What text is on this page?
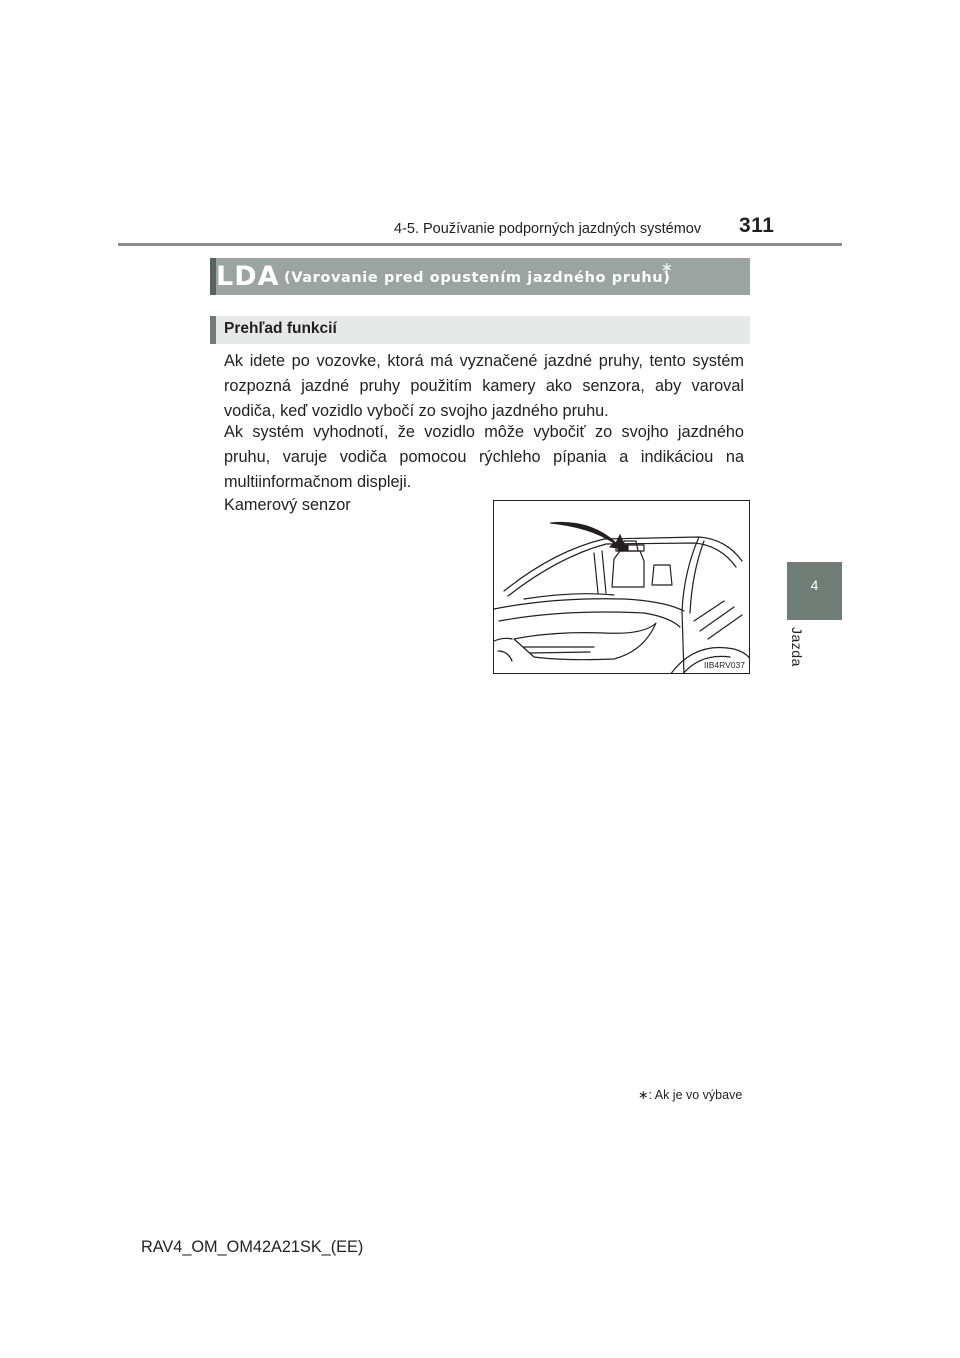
4-5. Používanie podporných jazdných systémov 311
4
Jazda
LDA (Varovanie pred opustením jazdného pruhu)
∗
Prehľad funkcií
Ak idete po vozovke, ktorá má vyznačené jazdné pruhy, tento systém rozpozná jazdné pruhy použitím kamery ako senzora, aby varoval vodiča, keď vozidlo vybočí zo svojho jazdného pruhu.
Ak systém vyhodnotí, že vozidlo môže vybočiť zo svojho jazdného pruhu, varuje vodiča pomocou rýchleho pípania a indikáciou na multiinformačnom displeji.
Kamerový senzor
IIB4RV037
∗: Ak je vo výbave
RAV4_OM_OM42A21SK_(EE)
